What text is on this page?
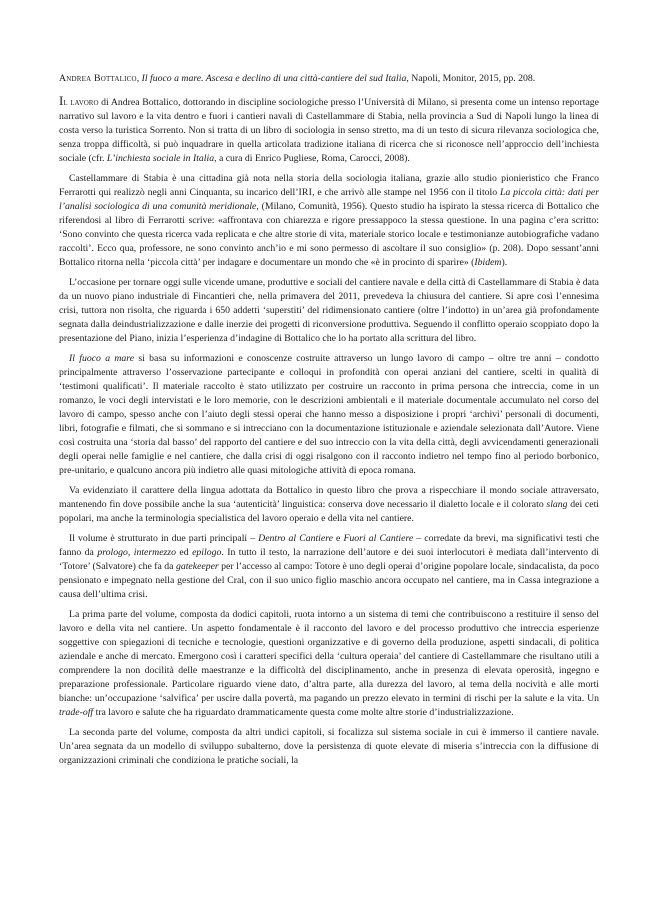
Andrea Bottalico, Il fuoco a mare. Ascesa e declino di una città-cantiere del sud Italia, Napoli, Monitor, 2015, pp. 208.

Il lavoro di Andrea Bottalico, dottorando in discipline sociologiche presso l’Università di Milano, si presenta come un intenso reportage narrativo sul lavoro e la vita dentro e fuori i cantieri navali di Castellammare di Stabia, nella provincia a Sud di Napoli lungo la linea di costa verso la turistica Sorrento. Non si tratta di un libro di sociologia in senso stretto, ma di un testo di sicura rilevanza sociologica che, senza troppa difficoltà, si può inquadrare in quella articolata tradizione italiana di ricerca che si riconosce nell’approccio dell’inchiesta sociale (cfr. L’inchiesta sociale in Italia, a cura di Enrico Pugliese, Roma, Carocci, 2008).

Castellammare di Stabia è una cittadina già nota nella storia della sociologia italiana, grazie allo studio pionieristico che Franco Ferrarotti qui realizzò negli anni Cinquanta, su incarico dell’IRI, e che arrivò alle stampe nel 1956 con il titolo La piccola città: dati per l’analisi sociologica di una comunità meridionale, (Milano, Comunità, 1956). Questo studio ha ispirato la stessa ricerca di Bottalico che riferendosi al libro di Ferrarotti scrive: «affrontava con chiarezza e rigore pressappoco la stessa questione. In una pagina c’era scritto: ‘Sono convinto che questa ricerca vada replicata e che altre storie di vita, materiale storico locale e testimonianze autobiografiche vadano raccolti’. Ecco qua, professore, ne sono convinto anch’io e mi sono permesso di ascoltare il suo consiglio» (p. 208). Dopo sessant’anni Bottalico ritorna nella ‘piccola città’ per indagare e documentare un mondo che «è in procinto di sparire» (Ibidem).

L’occasione per tornare oggi sulle vicende umane, produttive e sociali del cantiere navale e della città di Castellammare di Stabia è data da un nuovo piano industriale di Fincantieri che, nella primavera del 2011, prevedeva la chiusura del cantiere. Si apre così l’ennesima crisi, tuttora non risolta, che riguarda i 650 addetti ‘superstiti’ del ridimensionato cantiere (oltre l’indotto) in un’area già profondamente segnata dalla deindustrializzazione e dalle inerzie dei progetti di riconversione produttiva. Seguendo il conflitto operaio scoppiato dopo la presentazione del Piano, inizia l’esperienza d’indagine di Bottalico che lo ha portato alla scrittura del libro.

Il fuoco a mare si basa su informazioni e conoscenze costruite attraverso un lungo lavoro di campo – oltre tre anni – condotto principalmente attraverso l’osservazione partecipante e colloqui in profondità con operai anziani del cantiere, scelti in qualità di ‘testimoni qualificati’. Il materiale raccolto è stato utilizzato per costruire un racconto in prima persona che intreccia, come in un romanzo, le voci degli intervistati e le loro memorie, con le descrizioni ambientali e il materiale documentale accumulato nel corso del lavoro di campo, spesso anche con l’aiuto degli stessi operai che hanno messo a disposizione i propri ‘archivi’ personali di documenti, libri, fotografie e filmati, che si sommano e si intrecciano con la documentazione istituzionale e aziendale selezionata dall’Autore. Viene così costruita una ‘storia dal basso’ del rapporto del cantiere e del suo intreccio con la vita della città, degli avvicendamenti generazionali degli operai nelle famiglie e nel cantiere, che dalla crisi di oggi risalgono con il racconto indietro nel tempo fino al periodo borbonico, pre-unitario, e qualcuno ancora più indietro alle quasi mitologiche attività di epoca romana.

Va evidenziato il carattere della lingua adottata da Bottalico in questo libro che prova a rispecchiare il mondo sociale attraversato, mantenendo fin dove possibile anche la sua ‘autenticità’ linguistica: conserva dove necessario il dialetto locale e il colorato slang dei ceti popolari, ma anche la terminologia specialistica del lavoro operaio e della vita nel cantiere.

Il volume è strutturato in due parti principali – Dentro al Cantiere e Fuori al Cantiere – corredate da brevi, ma significativi testi che fanno da prologo, intermezzo ed epilogo. In tutto il testo, la narrazione dell’autore e dei suoi interlocutori è mediata dall’intervento di ‘Totore’ (Salvatore) che fa da gatekeeper per l’accesso al campo: Totore è uno degli operai d’origine popolare locale, sindacalista, da poco pensionato e impegnato nella gestione del Cral, con il suo unico figlio maschio ancora occupato nel cantiere, ma in Cassa integrazione a causa dell’ultima crisi.

La prima parte del volume, composta da dodici capitoli, ruota intorno a un sistema di temi che contribuiscono a restituire il senso del lavoro e della vita nel cantiere. Un aspetto fondamentale è il racconto del lavoro e del processo produttivo che intreccia esperienze soggettive con spiegazioni di tecniche e tecnologie, questioni organizzative e di governo della produzione, aspetti sindacali, di politica aziendale e anche di mercato. Emergono così i caratteri specifici della ‘cultura operaia’ del cantiere di Castellammare che risultano utili a comprendere la non docilità delle maestranze e la difficoltà del disciplinamento, anche in presenza di elevata operosità, ingegno e preparazione professionale. Particolare riguardo viene dato, d’altra parte, alla durezza del lavoro, al tema della nocività e alle morti bianche: un’occupazione ‘salvifica’ per uscire dalla povertà, ma pagando un prezzo elevato in termini di rischi per la salute e la vita. Un trade-off tra lavoro e salute che ha riguardato drammaticamente questa come molte altre storie d’industrializzazione.

La seconda parte del volume, composta da altri undici capitoli, si focalizza sul sistema sociale in cui è immerso il cantiere navale. Un’area segnata da un modello di sviluppo subalterno, dove la persistenza di quote elevate di miseria s’intreccia con la diffusione di organizzazioni criminali che condiziona le pratiche sociali, la
